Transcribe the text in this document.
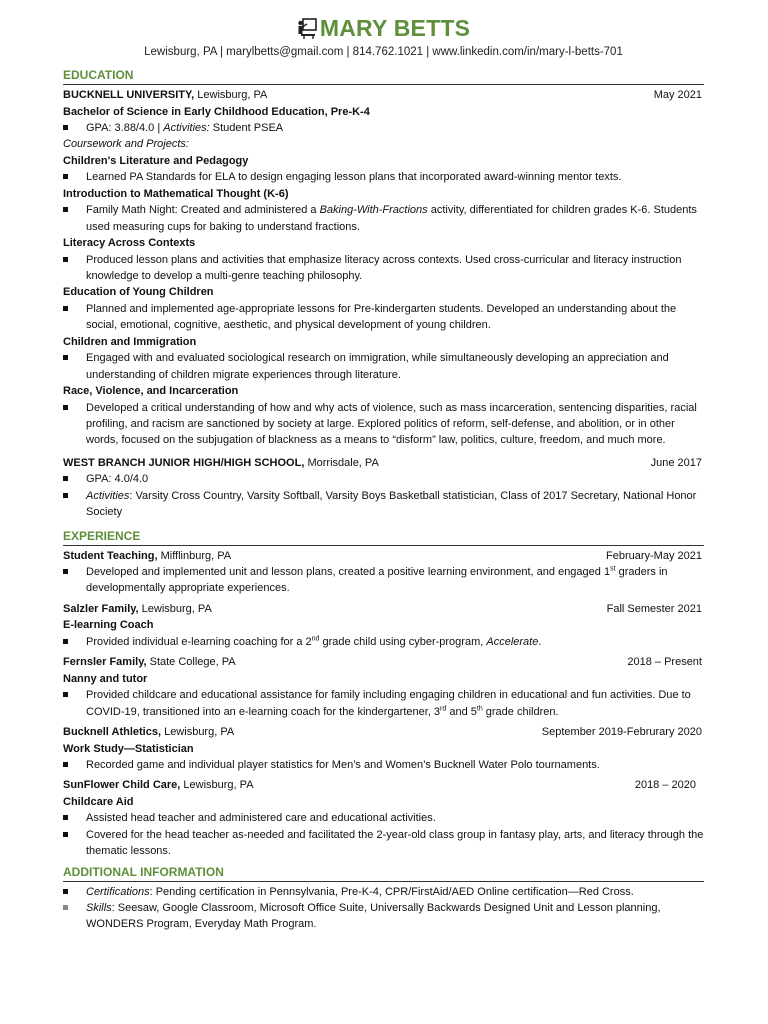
MARY BETTS
Lewisburg, PA | marylbetts@gmail.com | 814.762.1021 | www.linkedin.com/in/mary-l-betts-701
EDUCATION
BUCKNELL UNIVERSITY, Lewisburg, PA	May 2021
Bachelor of Science in Early Childhood Education, Pre-K-4
GPA: 3.88/4.0 | Activities: Student PSEA
Coursework and Projects:
Children's Literature and Pedagogy
Learned PA Standards for ELA to design engaging lesson plans that incorporated award-winning mentor texts.
Introduction to Mathematical Thought (K-6)
Family Math Night: Created and administered a Baking-With-Fractions activity, differentiated for children grades K-6. Students used measuring cups for baking to understand fractions.
Literacy Across Contexts
Produced lesson plans and activities that emphasize literacy across contexts. Used cross-curricular and literacy instruction knowledge to develop a multi-genre teaching philosophy.
Education of Young Children
Planned and implemented age-appropriate lessons for Pre-kindergarten students. Developed an understanding about the social, emotional, cognitive, aesthetic, and physical development of young children.
Children and Immigration
Engaged with and evaluated sociological research on immigration, while simultaneously developing an appreciation and understanding of children migrate experiences through literature.
Race, Violence, and Incarceration
Developed a critical understanding of how and why acts of violence, such as mass incarceration, sentencing disparities, racial profiling, and racism are sanctioned by society at large. Explored politics of reform, self-defense, and abolition, or in other words, focused on the subjugation of blackness as a means to “disform” law, politics, culture, freedom, and much more.
WEST BRANCH JUNIOR HIGH/HIGH SCHOOL, Morrisdale, PA	June 2017
GPA: 4.0/4.0
Activities: Varsity Cross Country, Varsity Softball, Varsity Boys Basketball statistician, Class of 2017 Secretary, National Honor Society
EXPERIENCE
Student Teaching, Mifflinburg, PA	February-May 2021
Developed and implemented unit and lesson plans, created a positive learning environment, and engaged 1st graders in developmentally appropriate experiences.
Salzler Family, Lewisburg, PA	Fall Semester 2021
E-learning Coach
Provided individual e-learning coaching for a 2nd grade child using cyber-program, Accelerate.
Fernsler Family, State College, PA	2018 – Present
Nanny and tutor
Provided childcare and educational assistance for family including engaging children in educational and fun activities. Due to COVID-19, transitioned into an e-learning coach for the kindergartener, 3rd and 5th grade children.
Bucknell Athletics, Lewisburg, PA	September 2019-Februrary 2020
Work Study—Statistician
Recorded game and individual player statistics for Men’s and Women’s Bucknell Water Polo tournaments.
SunFlower Child Care, Lewisburg, PA	2018 – 2020
Childcare Aid
Assisted head teacher and administered care and educational activities.
Covered for the head teacher as-needed and facilitated the 2-year-old class group in fantasy play, arts, and literacy through the thematic lessons.
ADDITIONAL INFORMATION
Certifications: Pending certification in Pennsylvania, Pre-K-4, CPR/FirstAid/AED Online certification—Red Cross.
Skills: Seesaw, Google Classroom, Microsoft Office Suite, Universally Backwards Designed Unit and Lesson planning, WONDERS Program, Everyday Math Program.
